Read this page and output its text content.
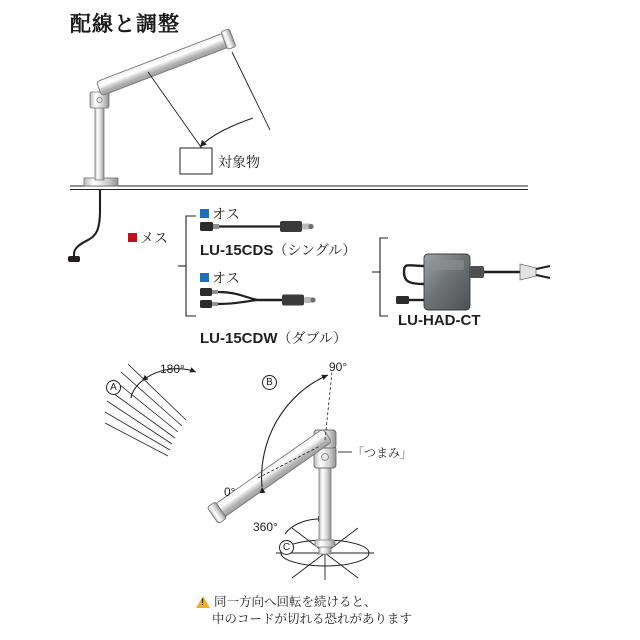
配線と調整
対象物
メス
オス
オス
LU-15CDS（シングル）
LU-15CDW（ダブル）
LU-HAD-CT
A	B
C
180°	90°
0°
360°
「つまみ」
!
同一方向へ回転を続けると、
中のコードが切れる恐れがあります
